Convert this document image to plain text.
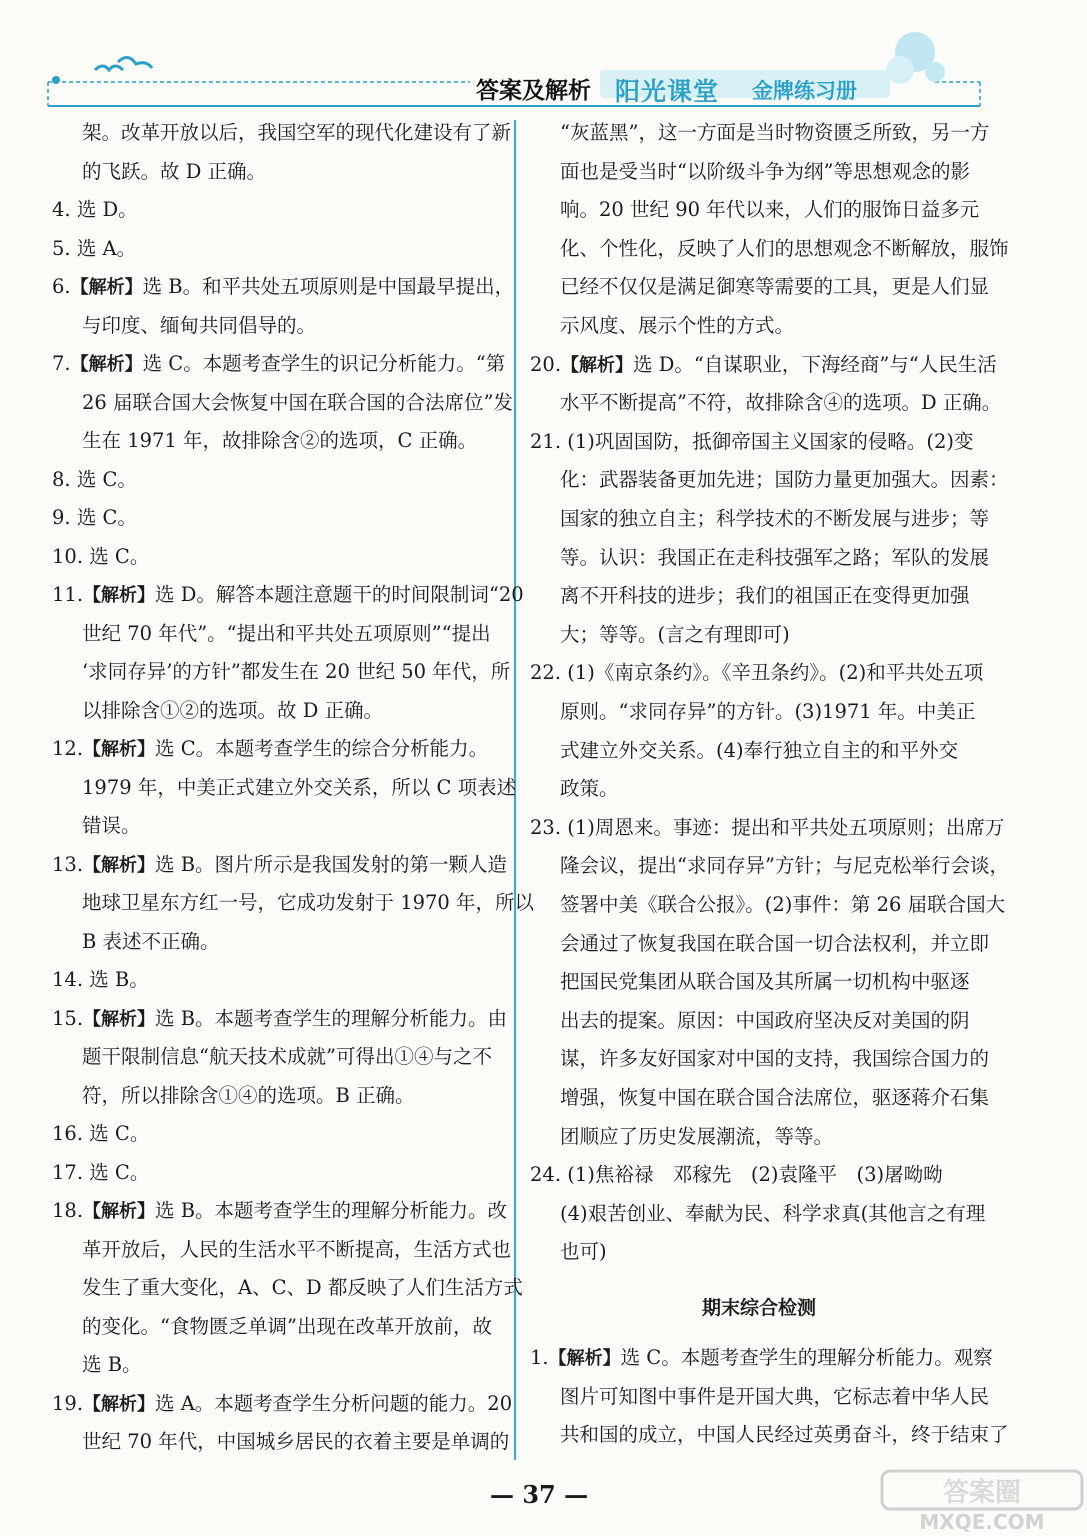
答案及解析 阳光课堂 金牌练习册
架。改革开放以后，我国空军的现代化建设有了新
的飞跃。故 D 正确。
4. 选 D。
5. 选 A。
6.【解析】选 B。和平共处五项原则是中国最早提出，
与印度、缅甸共同倡导的。
7.【解析】选 C。本题考查学生的识记分析能力。“第
26 届联合国大会恢复中国在联合国的合法席位”发
生在 1971 年，故排除含②的选项，C 正确。
8. 选 C。
9. 选 C。
10. 选 C。
11.【解析】选 D。解答本题注意题干的时间限制词“20
世纪 70 年代”。“提出和平共处五项原则”“提出
‘求同存异’的方针”都发生在 20 世纪 50 年代，所
以排除含①②的选项。故 D 正确。
12.【解析】选 C。本题考查学生的综合分析能力。
1979 年，中美正式建立外交关系，所以 C 项表述
错误。
13.【解析】选 B。图片所示是我国发射的第一颗人造
地球卫星东方红一号，它成功发射于 1970 年，所以
B 表述不正确。
14. 选 B。
15.【解析】选 B。本题考查学生的理解分析能力。由
题干限制信息“航天技术成就”可得出①④与之不
符，所以排除含①④的选项。B 正确。
16. 选 C。
17. 选 C。
18.【解析】选 B。本题考查学生的理解分析能力。改
革开放后，人民的生活水平不断提高，生活方式也
发生了重大变化，A、C、D 都反映了人们生活方式
的变化。“食物匮乏单调”出现在改革开放前，故
选 B。
19.【解析】选 A。本题考查学生分析问题的能力。20
世纪 70 年代，中国城乡居民的衣着主要是单调的
“灰蓝黑”，这一方面是当时物资匮乏所致，另一方
面也是受当时“以阶级斗争为纲”等思想观念的影
响。20 世纪 90 年代以来，人们的服饰日益多元
化、个性化，反映了人们的思想观念不断解放，服饰
已经不仅仅是满足御寒等需要的工具，更是人们显
示风度、展示个性的方式。
20.【解析】选 D。“自谋职业，下海经商”与“人民生活
水平不断提高”不符，故排除含④的选项。D 正确。
21. (1)巩固国防，抵御帝国主义国家的侵略。(2)变
化：武器装备更加先进；国防力量更加强大。因素：
国家的独立自主；科学技术的不断发展与进步；等
等。认识：我国正在走科技强军之路；军队的发展
离不开科技的进步；我们的祖国正在变得更加强
大；等等。(言之有理即可)
22. (1)《南京条约》。《辛丑条约》。(2)和平共处五项
原则。“求同存异”的方针。(3)1971 年。中美正
式建立外交关系。(4)奉行独立自主的和平外交
政策。
23. (1)周恩来。事迹：提出和平共处五项原则；出席万
隆会议，提出“求同存异”方针；与尼克松举行会谈，
签署中美《联合公报》。(2)事件：第 26 届联合国大
会通过了恢复我国在联合国一切合法权利，并立即
把国民党集团从联合国及其所属一切机构中驱逐
出去的提案。原因：中国政府坚决反对美国的阴
谋，许多友好国家对中国的支持，我国综合国力的
增强，恢复中国在联合国合法席位，驱逐蒋介石集
团顺应了历史发展潮流，等等。
24. (1)焦裕禄　邓稼先　(2)袁隆平　(3)屠呦呦
(4)艰苦创业、奉献为民、科学求真(其他言之有理
也可)
1.【解析】选 C。本题考查学生的理解分析能力。观察
图片可知图中事件是开国大典，它标志着中华人民
共和国的成立，中国人民经过英勇奋斗，终于结束了
期末综合检测
— 37 —	答案圈
MXQE.COM
